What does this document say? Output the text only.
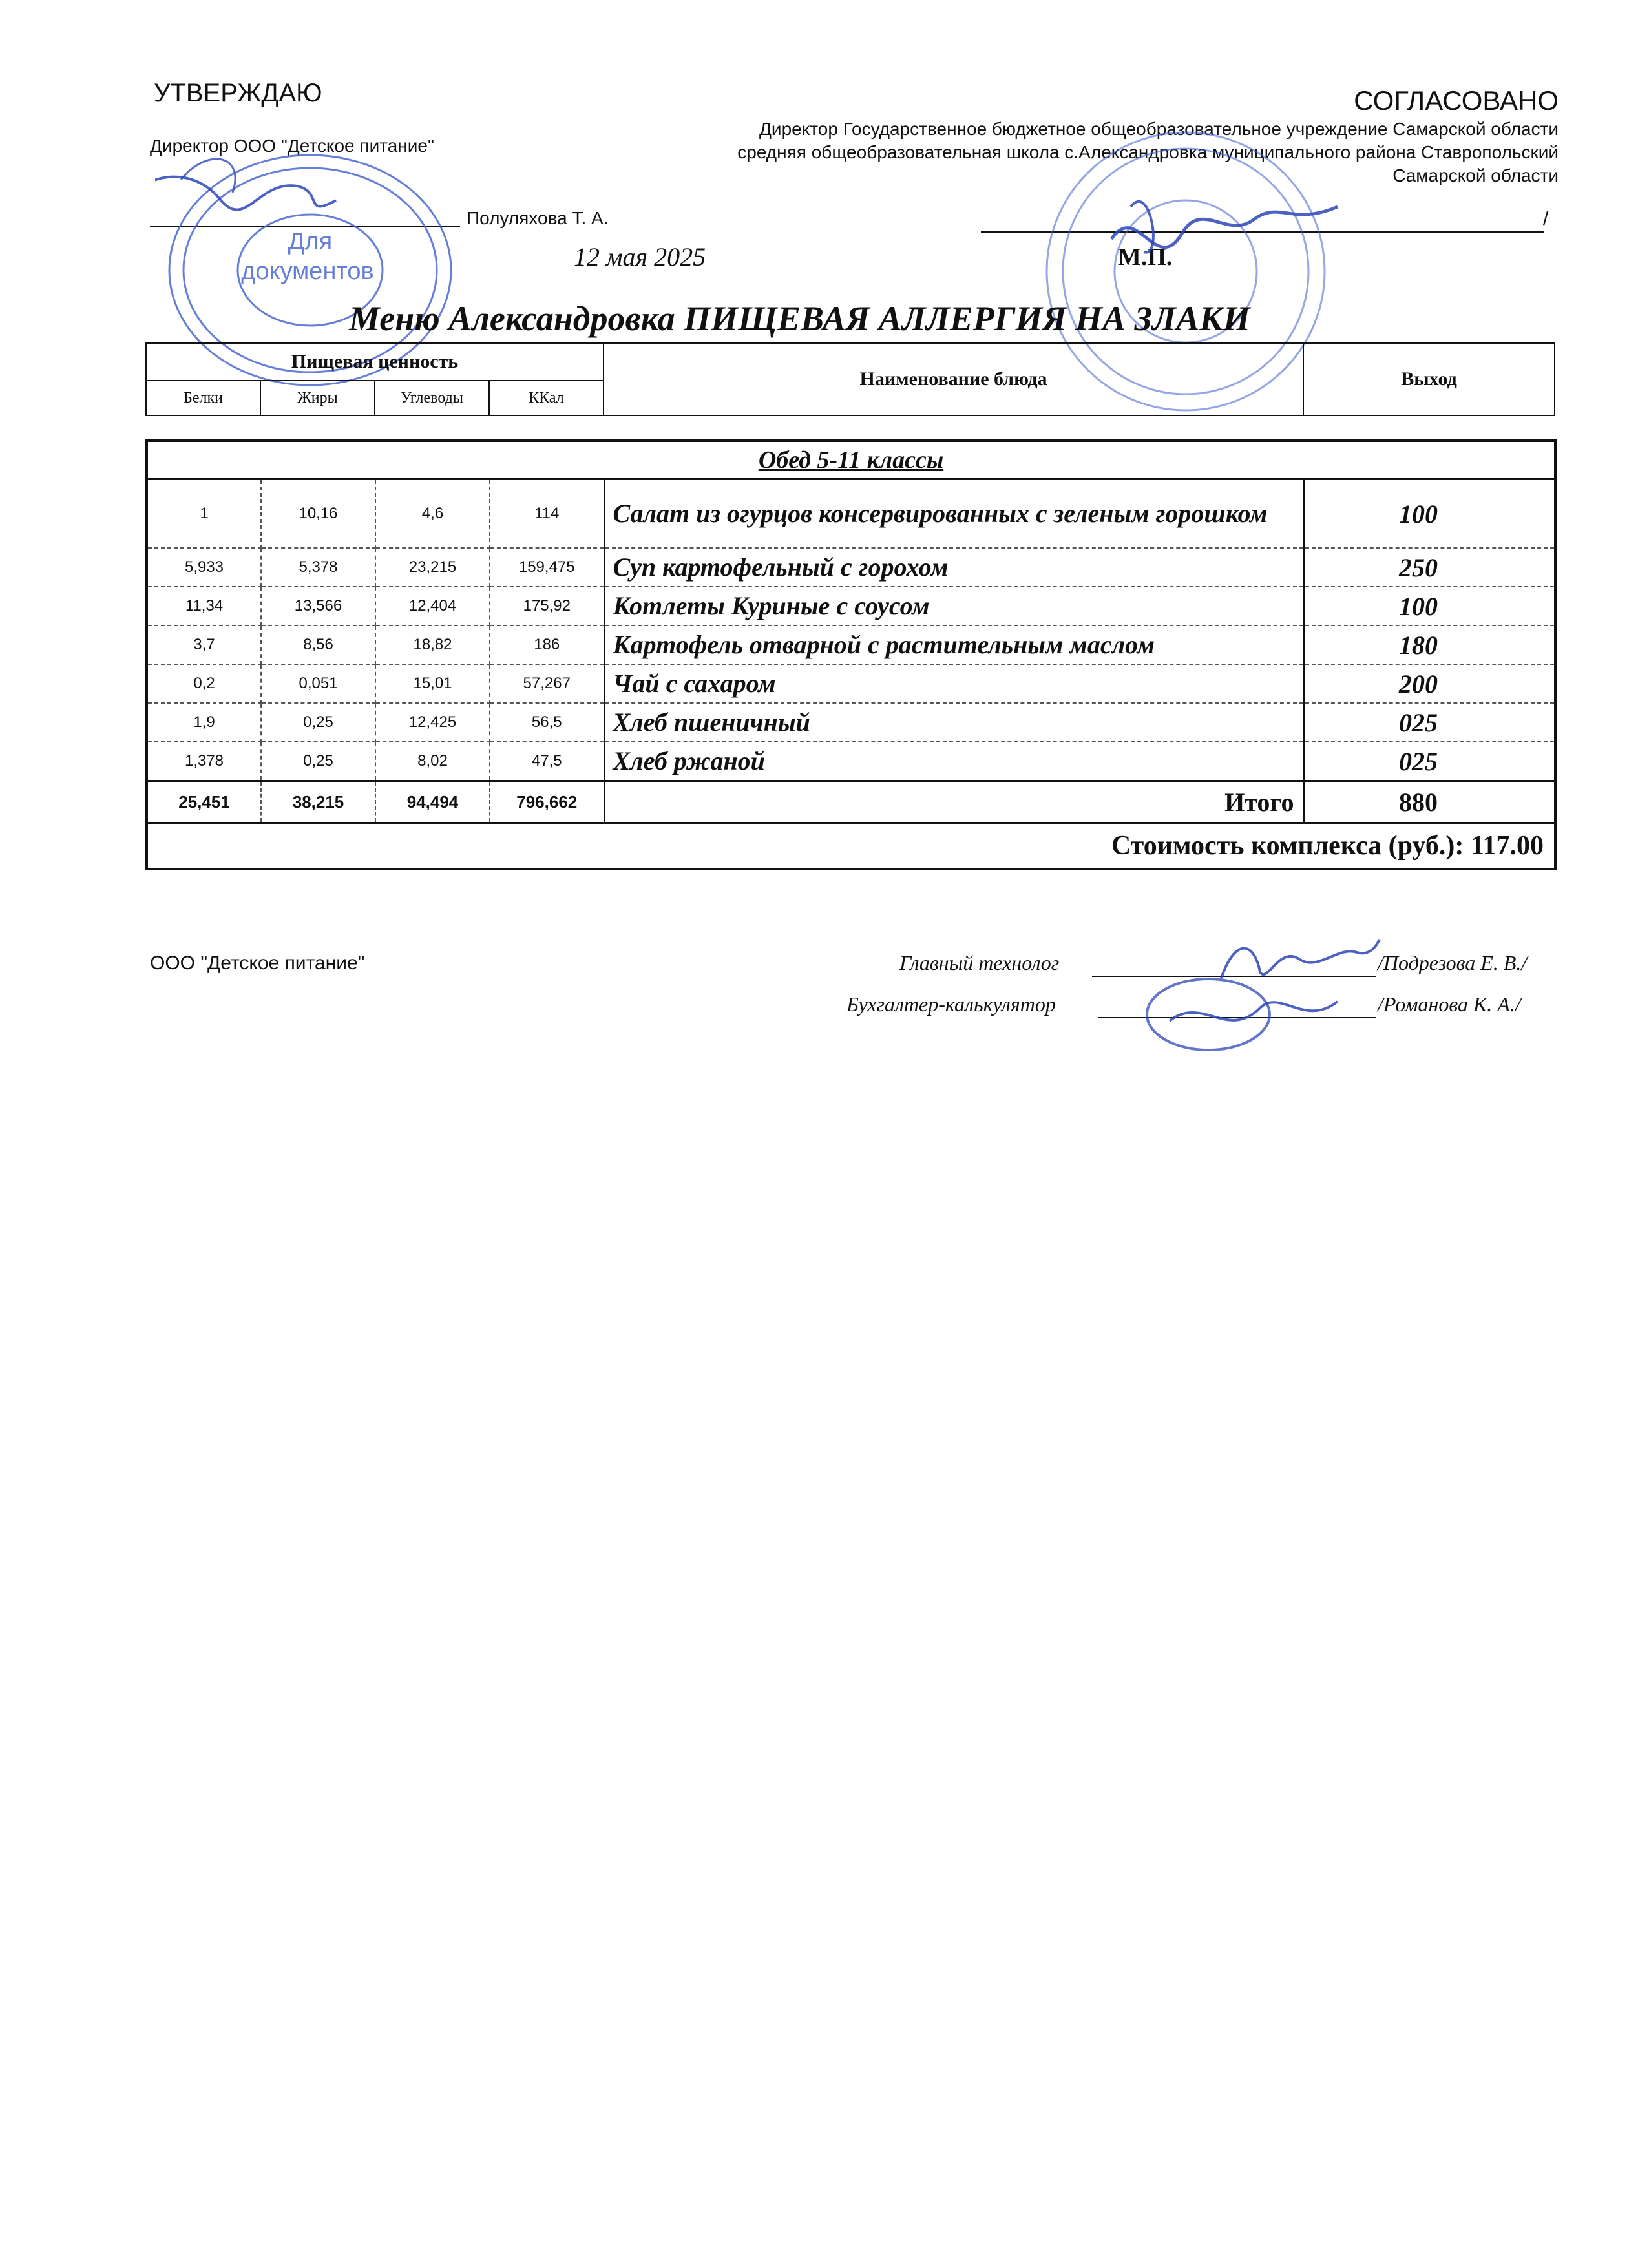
УТВЕРЖДАЮ
Директор ООО "Детское питание"
Полуляхова Т. А.
12 мая 2025
СОГЛАСОВАНО
Директор Государственное бюджетное общеобразовательное учреждение Самарской области средняя общеобразовательная школа с.Александровка муниципального района Ставропольский Самарской области
/
М.П.
Для
документов
Меню Александровка ПИЩЕВАЯ АЛЛЕРГИЯ НА ЗЛАКИ
Пищевая ценность				Наименование блюда	Выход
Белки	Жиры	Углеводы	ККал		
Обед 5-11 классы					
1	10,16	4,6	114	Салат из огурцов консервированных с зеленым горошком	100
5,933	5,378	23,215	159,475	Суп картофельный с горохом	250
11,34	13,566	12,404	175,92	Котлеты Куриные с соусом	100
3,7	8,56	18,82	186	Картофель отварной с растительным маслом	180
0,2	0,051	15,01	57,267	Чай с сахаром	200
1,9	0,25	12,425	56,5	Хлеб пшеничный	025
1,378	0,25	8,02	47,5	Хлеб ржаной	025
25,451	38,215	94,494	796,662	Итого	880
Стоимость комплекса (руб.): 117.00					
ООО "Детское питание"	Главный технолог	/Подрезова Е. В./
Бухгалтер-калькулятор	/Романова К. А./
